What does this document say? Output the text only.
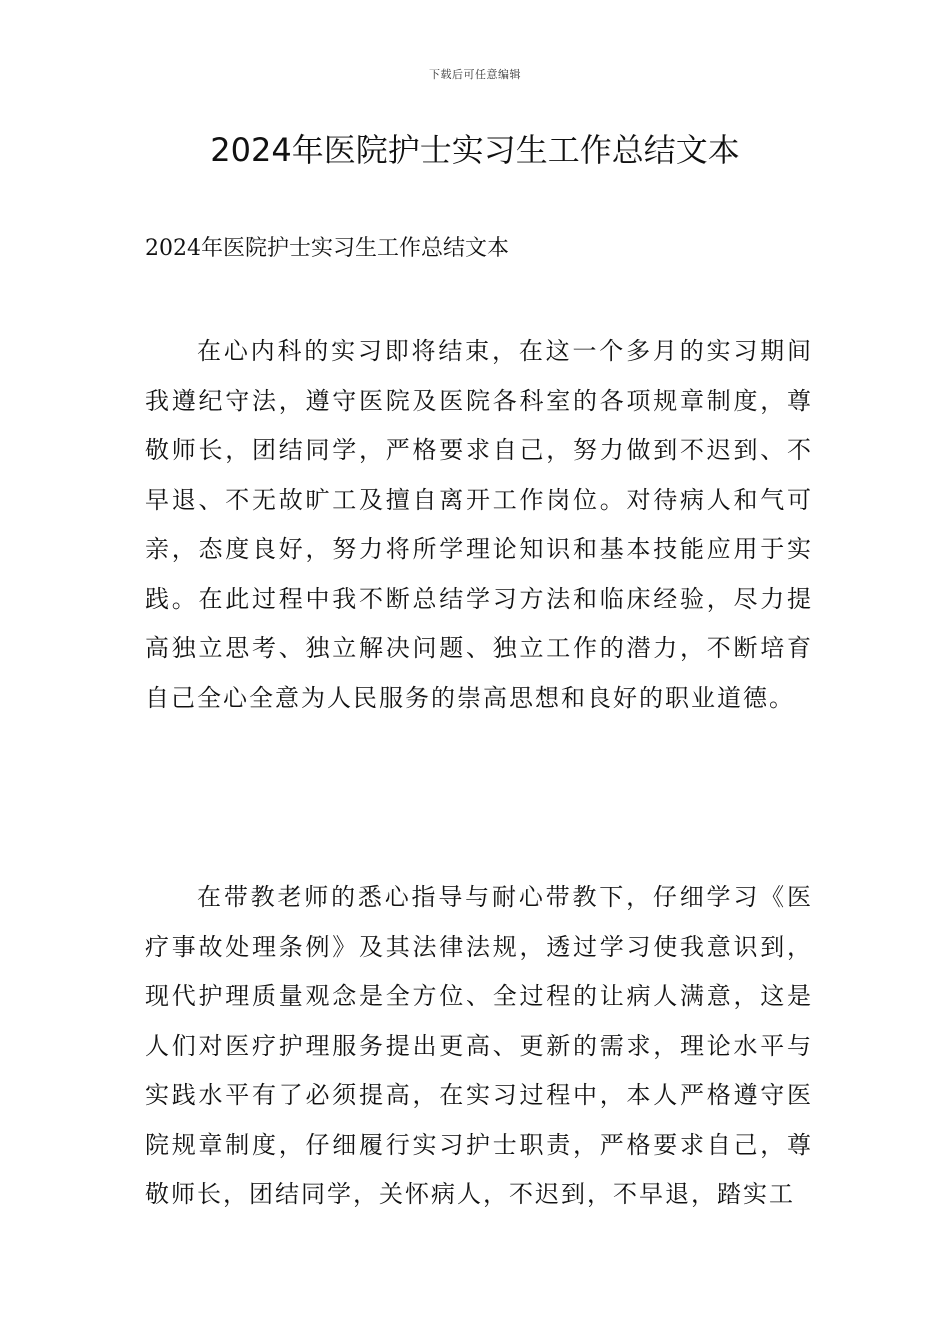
下载后可任意编辑
2024年医院护士实习生工作总结文本

2024年医院护士实习生工作总结文本

在心内科的实习即将结束，在这一个多月的实习期间我遵纪守法，遵守医院及医院各科室的各项规章制度，尊敬师长，团结同学，严格要求自己，努力做到不迟到、不早退、不无故旷工及擅自离开工作岗位。对待病人和气可亲，态度良好，努力将所学理论知识和基本技能应用于实践。在此过程中我不断总结学习方法和临床经验，尽力提高独立思考、独立解决问题、独立工作的潜力，不断培育自己全心全意为人民服务的崇高思想和良好的职业道德。

在带教老师的悉心指导与耐心带教下，仔细学习《医疗事故处理条例》及其法律法规，透过学习使我意识到，现代护理质量观念是全方位、全过程的让病人满意，这是人们对医疗护理服务提出更高、更新的需求，理论水平与实践水平有了必须提高，在实习过程中，本人严格遵守医院规章制度，仔细履行实习护士职责，严格要求自己，尊敬师长，团结同学，关怀病人，不迟到，不早退，踏实工
